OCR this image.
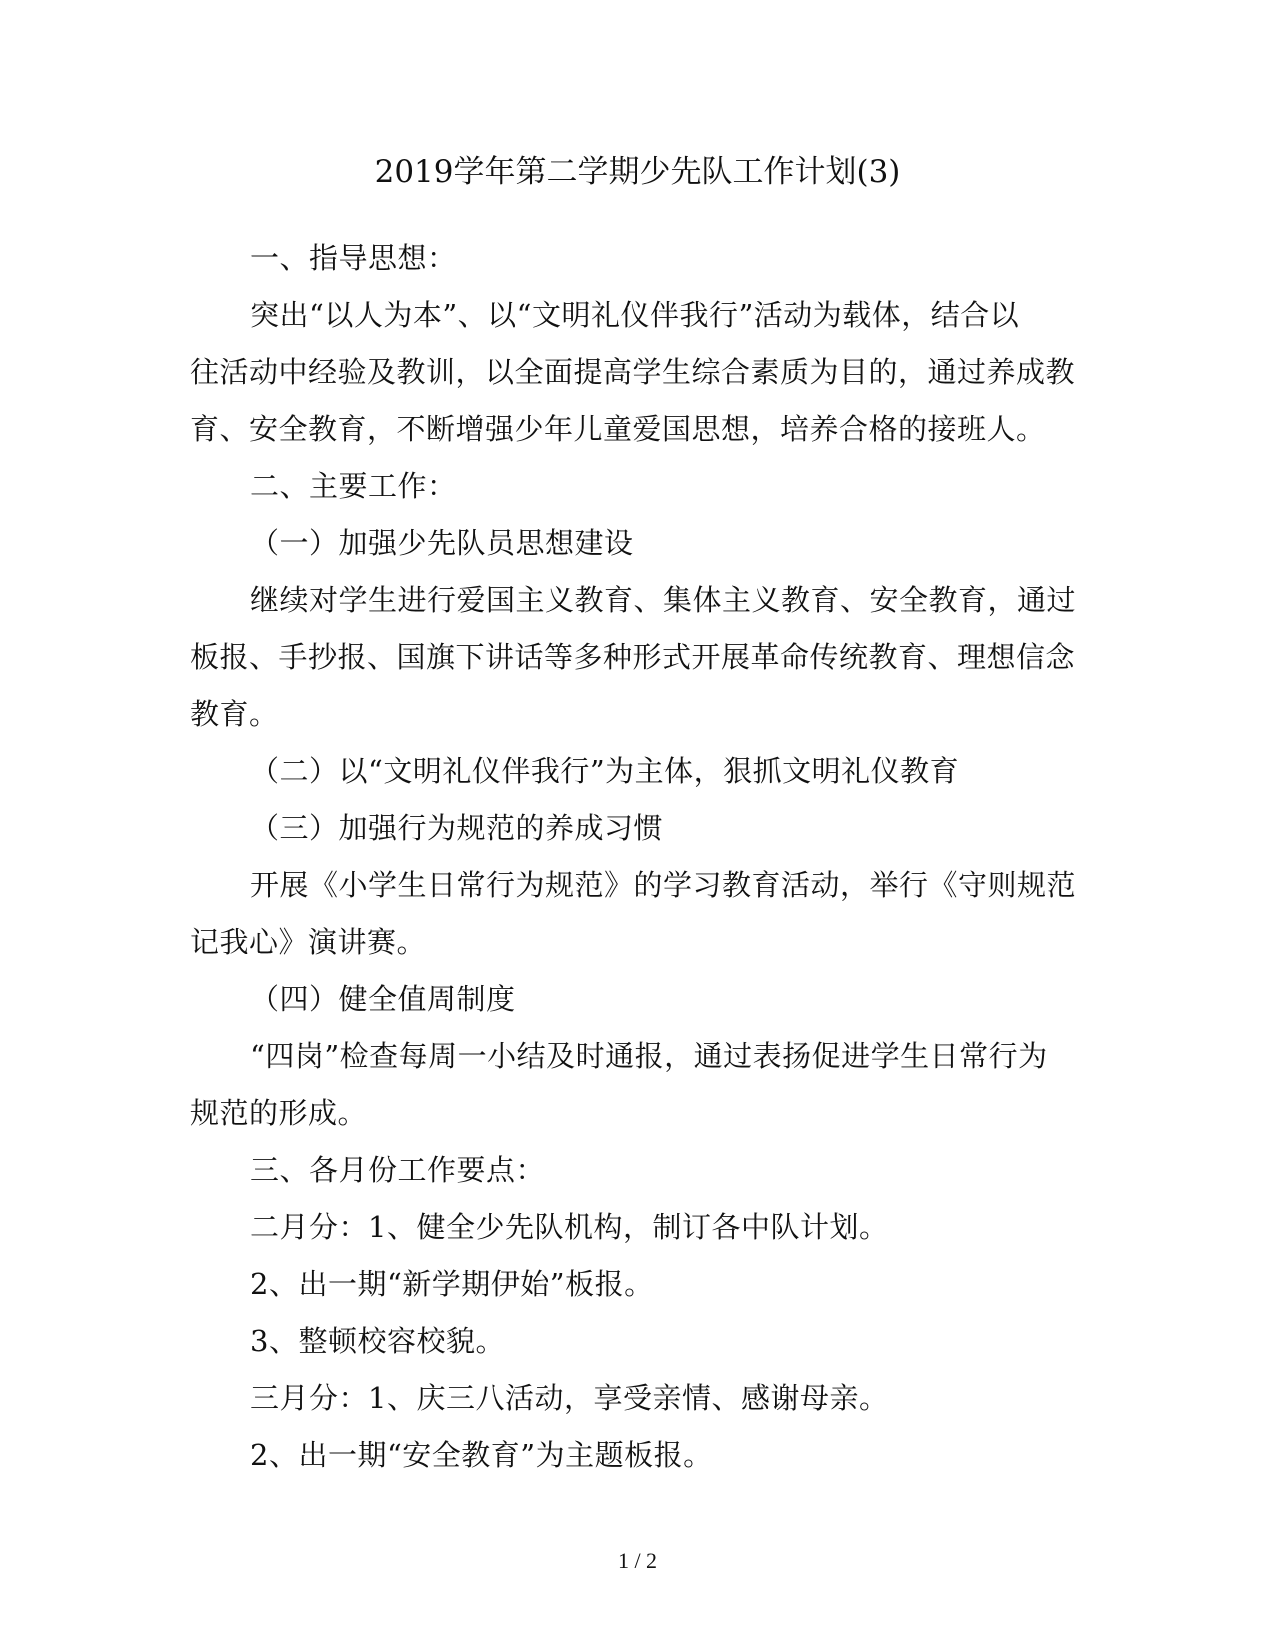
2019学年第二学期少先队工作计划(3)

一、指导思想：

突出“以人为本”、以“文明礼仪伴我行”活动为载体，结合以

往活动中经验及教训，以全面提高学生综合素质为目的，通过养成教

育、安全教育，不断增强少年儿童爱国思想，培养合格的接班人。

二、主要工作：

（一）加强少先队员思想建设

继续对学生进行爱国主义教育、集体主义教育、安全教育，通过

板报、手抄报、国旗下讲话等多种形式开展革命传统教育、理想信念

教育。

（二）以“文明礼仪伴我行”为主体，狠抓文明礼仪教育

（三）加强行为规范的养成习惯

开展《小学生日常行为规范》的学习教育活动，举行《守则规范

记我心》演讲赛。

（四）健全值周制度

“四岗”检查每周一小结及时通报，通过表扬促进学生日常行为

规范的形成。

三、各月份工作要点：

二月分：1、健全少先队机构，制订各中队计划。

2、出一期“新学期伊始”板报。

3、整顿校容校貌。

三月分：1、庆三八活动，享受亲情、感谢母亲。

2、出一期“安全教育”为主题板报。

1 / 2
